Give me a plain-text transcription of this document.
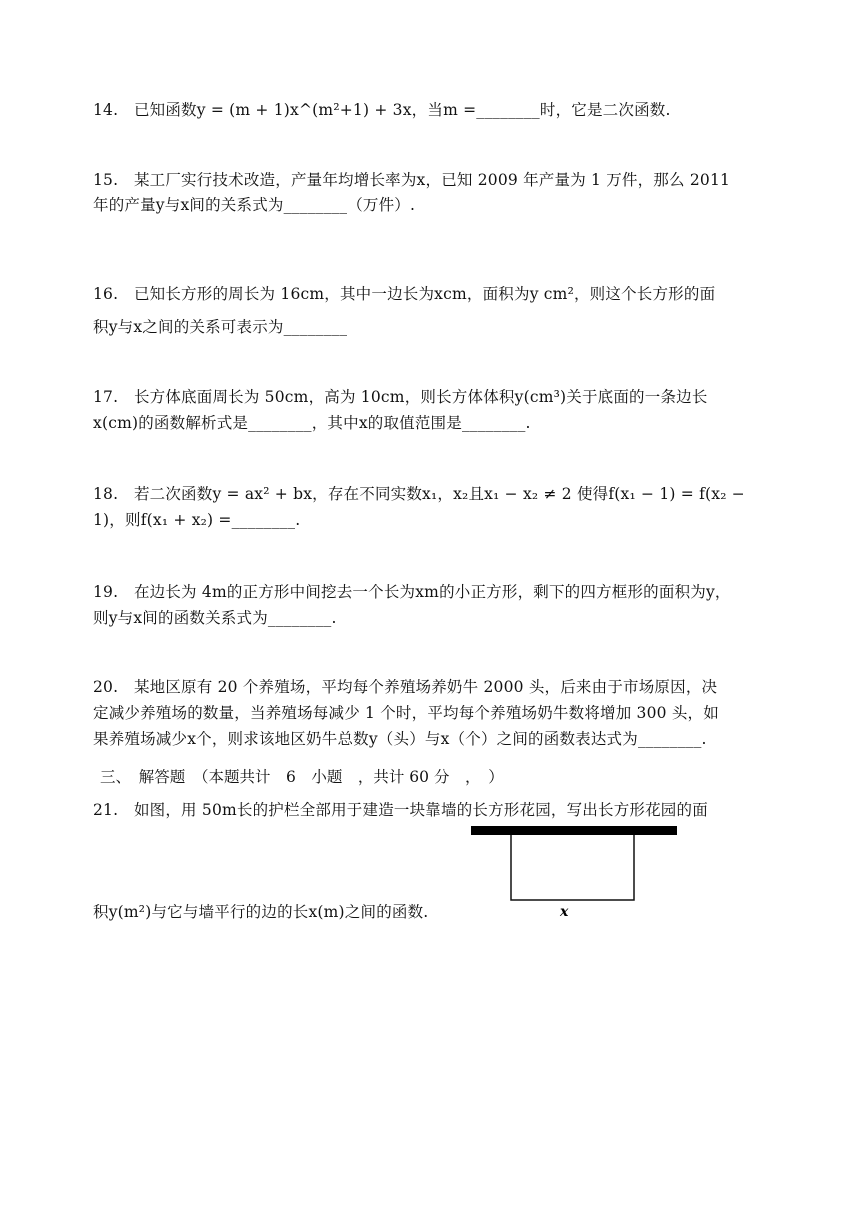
14.　已知函数y = (m + 1)x^(m²+1) + 3x，当m =________时，它是二次函数.
15.　某工厂实行技术改造，产量年均增长率为x，已知 2009 年产量为 1 万件，那么 2011
年的产量y与x间的关系式为________（万件）.
16.　已知长方形的周长为 16cm，其中一边长为xcm，面积为y cm²，则这个长方形的面
积y与x之间的关系可表示为________
17.　长方体底面周长为 50cm，高为 10cm，则长方体体积y(cm³)关于底面的一条边长
x(cm)的函数解析式是________，其中x的取值范围是________.
18.　若二次函数y = ax² + bx，存在不同实数x₁，x₂且x₁ − x₂ ≠ 2 使得f(x₁ − 1) = f(x₂ −
1)，则f(x₁ + x₂) =________.
19.　在边长为 4m的正方形中间挖去一个长为xm的小正方形，剩下的四方框形的面积为y，
则y与x间的函数关系式为________.
20.　某地区原有 20 个养殖场，平均每个养殖场养奶牛 2000 头，后来由于市场原因，决
定减少养殖场的数量，当养殖场每减少 1 个时，平均每个养殖场奶牛数将增加 300 头，如
果养殖场减少x个，则求该地区奶牛总数y（头）与x（个）之间的函数表达式为________.
三、　解答题　（本题共计　6　小题　，共计 60 分　，　）
21.　如图，用 50m长的护栏全部用于建造一块靠墙的长方形花园，写出长方形花园的面
x
积y(m²)与它与墙平行的边的长x(m)之间的函数.
